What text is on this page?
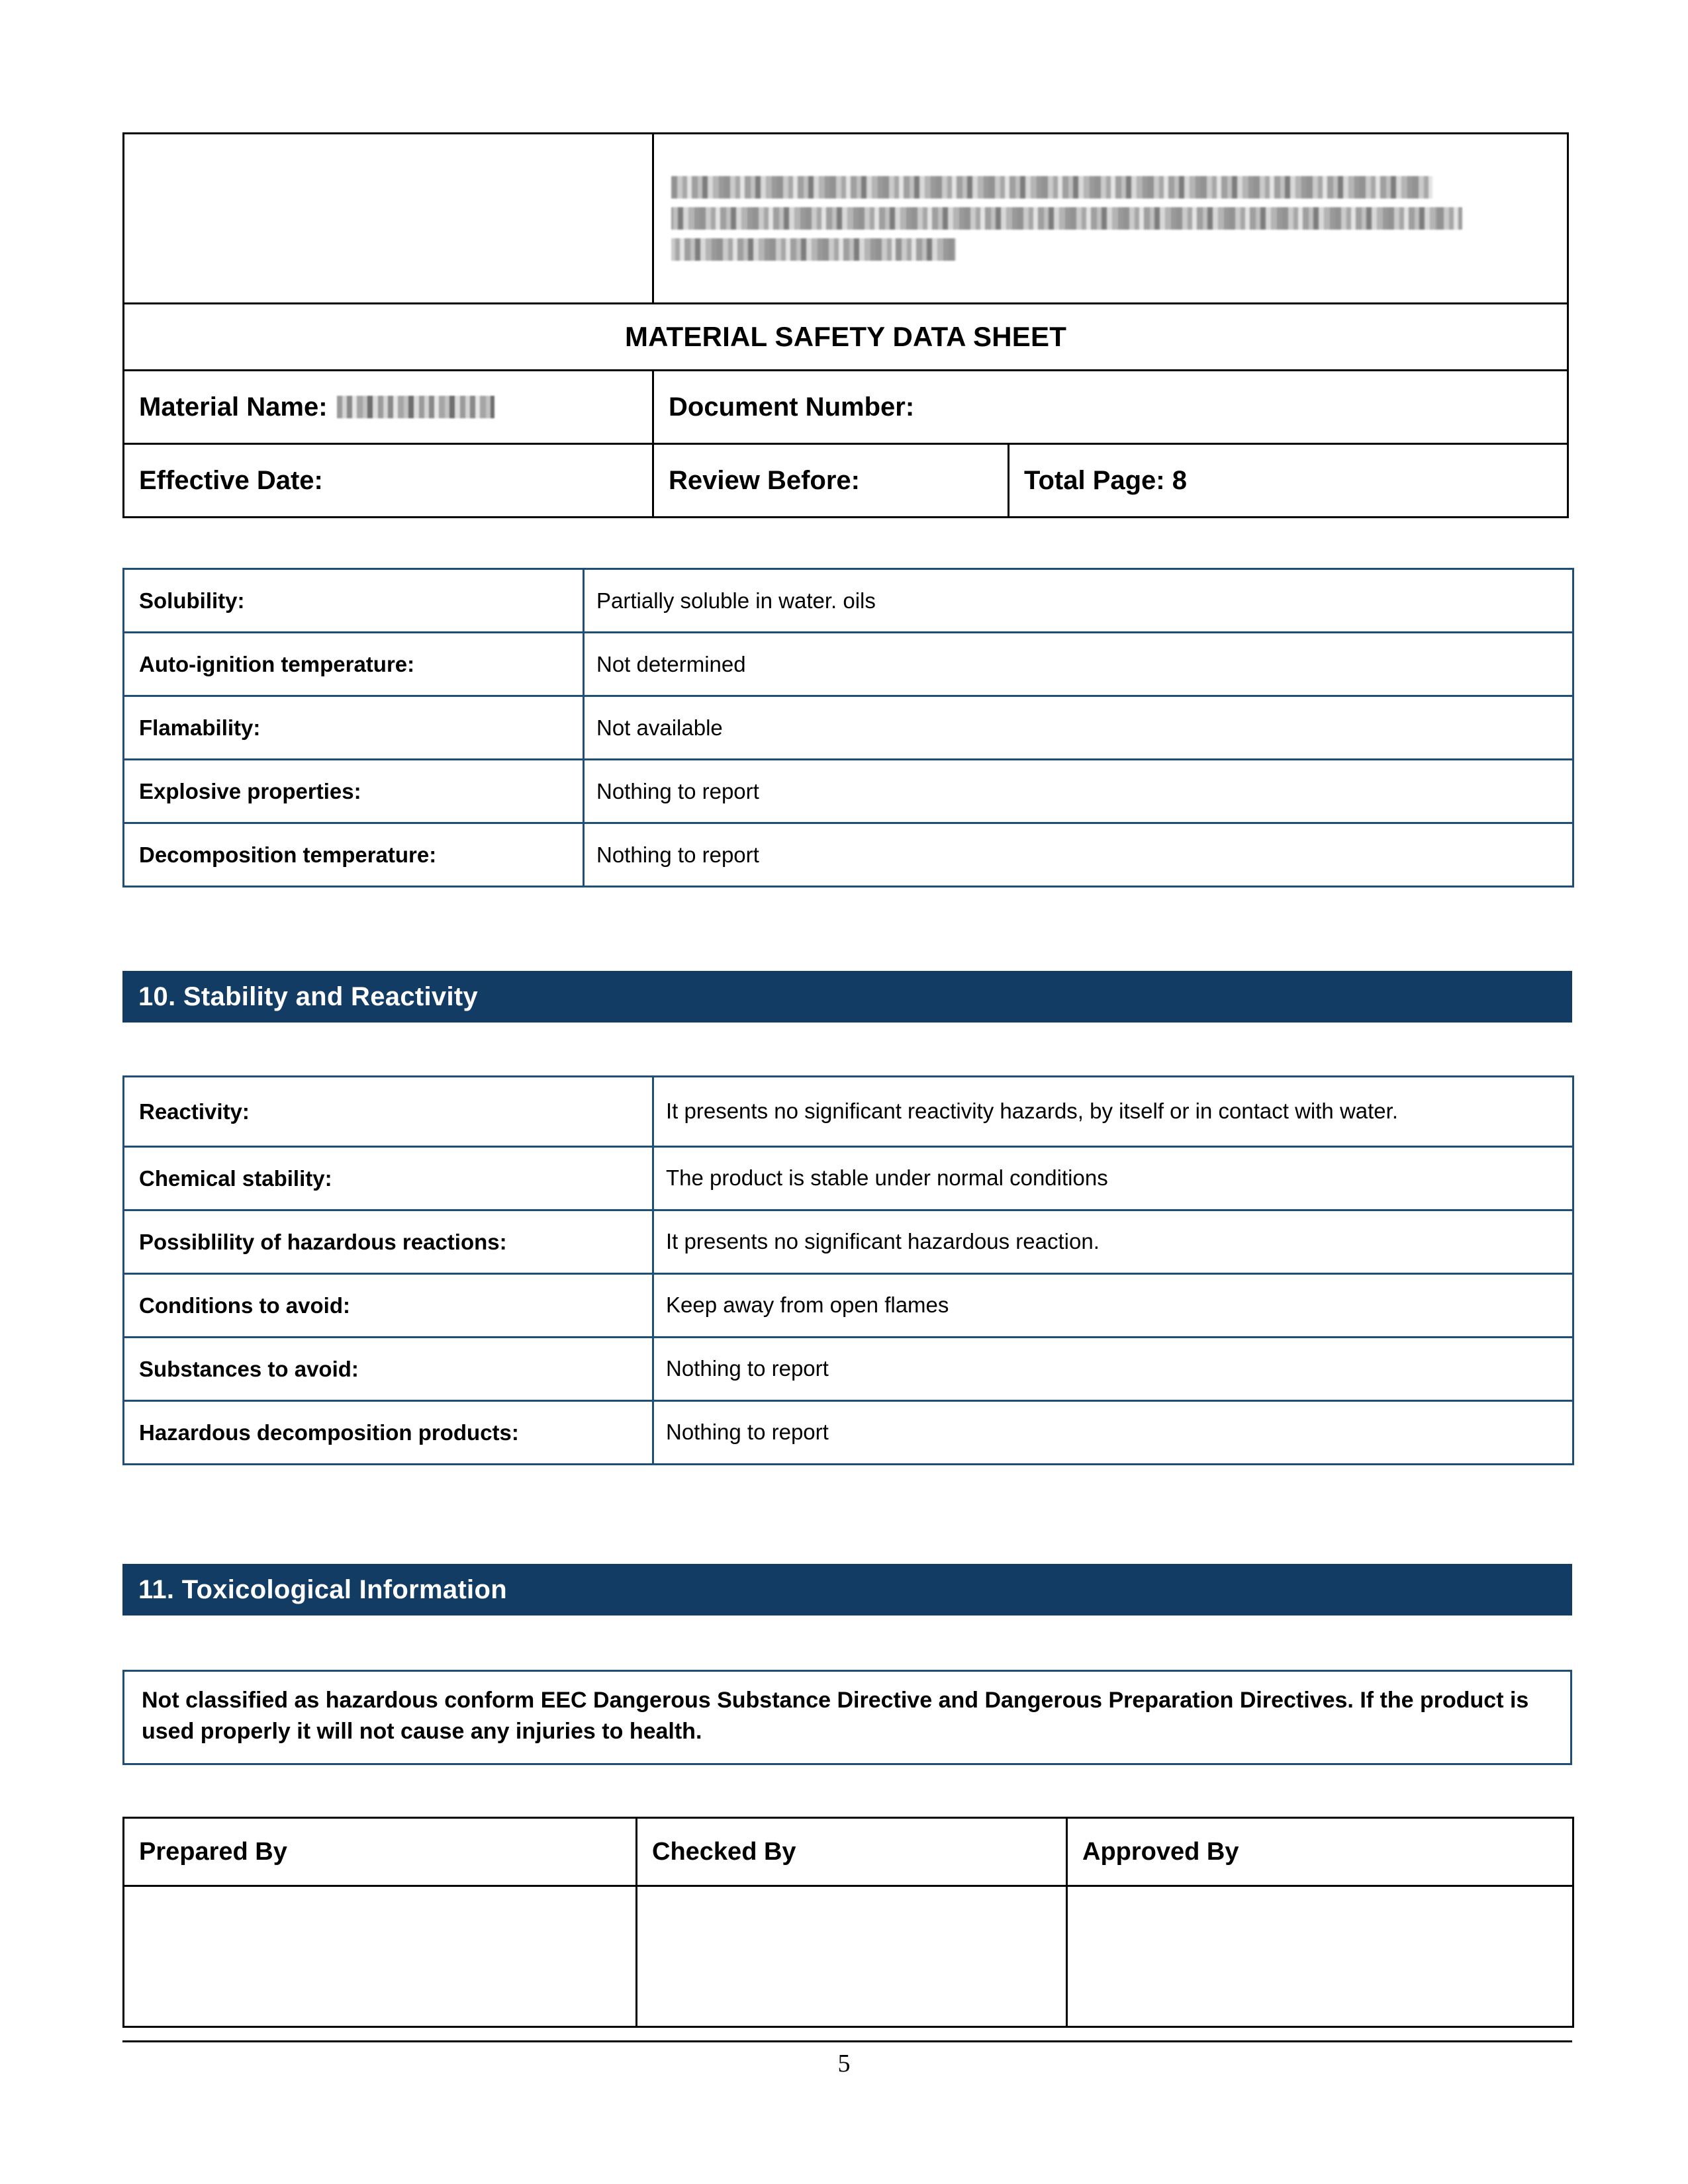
MATERIAL SAFETY DATA SHEET		

Material Name:	Document Number:	
Effective Date:	Review Before:	Total Page: 8
Solubility:	Partially soluble in water. oils
Auto-ignition temperature:	Not determined
Flamability:	Not available
Explosive properties:	Nothing to report
Decomposition temperature:	Nothing to report
10. Stability and Reactivity
Reactivity:	It presents no significant reactivity hazards, by itself or in contact with water.
Chemical stability:	The product is stable under normal conditions
Possiblility of hazardous reactions:	It presents no significant hazardous reaction.
Conditions to avoid:	Keep away from open flames
Substances to avoid:	Nothing to report
Hazardous decomposition products:	Nothing to report
11. Toxicological Information
Not classified as hazardous conform EEC Dangerous Substance Directive and Dangerous Preparation Directives. If the product is used properly it will not cause any injuries to health.
Prepared By	Checked By	Approved By

5
